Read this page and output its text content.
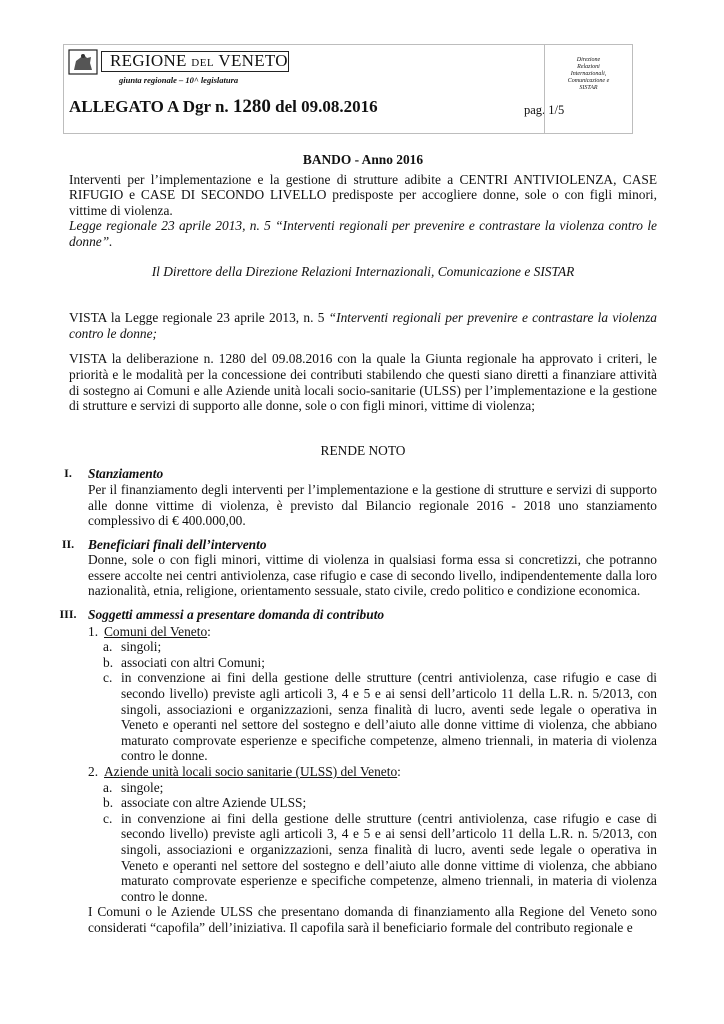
REGIONE DEL VENETO
giunta regionale – 10^ legislatura
ALLEGATO A Dgr n. 1280 del 09.08.2016	pag. 1/5
Direzione
Relazioni
Internazionali,
Comunicazione e
SISTAR

BANDO - Anno 2016

Interventi per l’implementazione e la gestione di strutture adibite a CENTRI ANTIVIOLENZA, CASE RIFUGIO e CASE DI SECONDO LIVELLO predisposte per accogliere donne, sole o con figli minori, vittime di violenza.

Legge regionale 23 aprile 2013, n. 5 “Interventi regionali per prevenire e contrastare la violenza contro le donne”.

Il Direttore della Direzione Relazioni Internazionali, Comunicazione e SISTAR

VISTA la Legge regionale 23 aprile 2013, n. 5 “Interventi regionali per prevenire e contrastare la violenza contro le donne;

VISTA la deliberazione n. 1280 del 09.08.2016 con la quale la Giunta regionale ha approvato i criteri, le priorità e le modalità per la concessione dei contributi stabilendo che questi siano diretti a finanziare attività di sostegno ai Comuni e alle Aziende unità locali socio-sanitarie (ULSS) per l’implementazione e la gestione di strutture e servizi di supporto alle donne, sole o con figli minori, vittime di violenza;

RENDE NOTO

I.	Stanziamento

Per il finanziamento degli interventi per l’implementazione e la gestione di strutture e servizi di supporto alle donne vittime di violenza, è previsto dal Bilancio regionale 2016 - 2018 uno stanziamento complessivo di € 400.000,00.

II.	Beneficiari finali dell’intervento

Donne, sole o con figli minori, vittime di violenza in qualsiasi forma essa si concretizzi, che potranno essere accolte nei centri antiviolenza, case rifugio e case di secondo livello, indipendentemente dalla loro nazionalità, etnia, religione, orientamento sessuale, stato civile, credo politico e condizione economica.

III. Soggetti ammessi a presentare domanda di contributo

1. Comuni del Veneto:

a. singoli;

b. associati con altri Comuni;

c. in convenzione ai fini della gestione delle strutture (centri antiviolenza, case rifugio e case di secondo livello) previste agli articoli 3, 4 e 5 e ai sensi dell’articolo 11 della L.R. n. 5/2013, con singoli, associazioni e organizzazioni, senza finalità di lucro, aventi sede legale o operativa in Veneto e operanti nel settore del sostegno e dell’aiuto alle donne vittime di violenza, che abbiano maturato comprovate esperienze e specifiche competenze, almeno triennali, in materia di violenza contro le donne.

2. Aziende unità locali socio sanitarie (ULSS) del Veneto:

a. singole;

b. associate con altre Aziende ULSS;

c. in convenzione ai fini della gestione delle strutture (centri antiviolenza, case rifugio e case di secondo livello) previste agli articoli 3, 4 e 5 e ai sensi dell’articolo 11 della L.R. n. 5/2013, con singoli, associazioni e organizzazioni, senza finalità di lucro, aventi sede legale o operativa in Veneto e operanti nel settore del sostegno e dell’aiuto alle donne vittime di violenza, che abbiano maturato comprovate esperienze e specifiche competenze, almeno triennali, in materia di violenza contro le donne.

I Comuni o le Aziende ULSS che presentano domanda di finanziamento alla Regione del Veneto sono considerati “capofila” dell’iniziativa. Il capofila sarà il beneficiario formale del contributo regionale e
